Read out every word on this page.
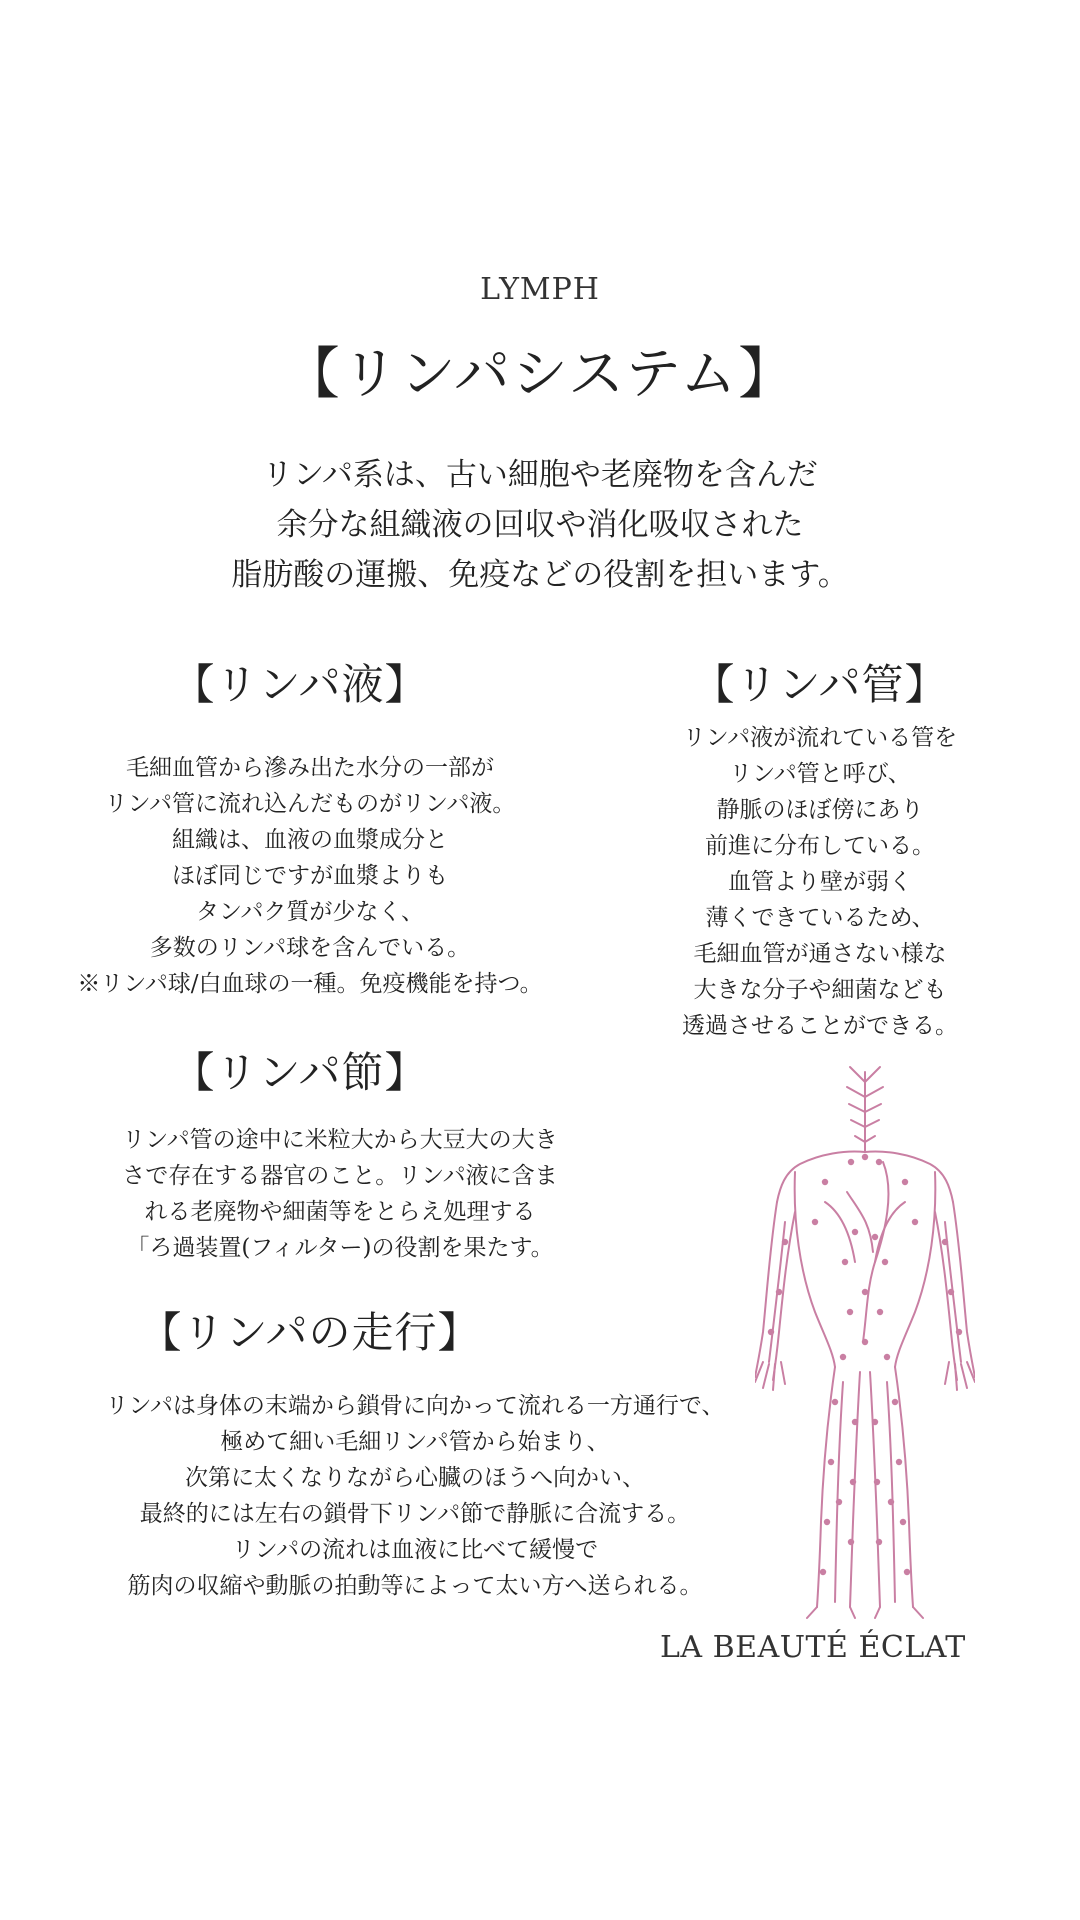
LYMPH
【リンパシステム】
リンパ系は、古い細胞や老廃物を含んだ
余分な組織液の回収や消化吸収された
脂肪酸の運搬、免疫などの役割を担います。
【リンパ液】
毛細血管から滲み出た水分の一部が
リンパ管に流れ込んだものがリンパ液。
組織は、血液の血漿成分と
ほぼ同じですが血漿よりも
タンパク質が少なく、
多数のリンパ球を含んでいる。
※リンパ球/白血球の一種。免疫機能を持つ。
【リンパ管】
リンパ液が流れている管を
リンパ管と呼び、
静脈のほぼ傍にあり
前進に分布している。
血管より壁が弱く
薄くできているため、
毛細血管が通さない様な
大きな分子や細菌なども
透過させることができる。
【リンパ節】
リンパ管の途中に米粒大から大豆大の大き
さで存在する器官のこと。リンパ液に含ま
れる老廃物や細菌等をとらえ処理する
「ろ過装置(フィルター)の役割を果たす。
【リンパの走行】
リンパは身体の末端から鎖骨に向かって流れる一方通行で、
極めて細い毛細リンパ管から始まり、
次第に太くなりながら心臓のほうへ向かい、
最終的には左右の鎖骨下リンパ節で静脈に合流する。
リンパの流れは血液に比べて緩慢で
筋肉の収縮や動脈の拍動等によって太い方へ送られる。
LA BEAUTÉ ÉCLAT
